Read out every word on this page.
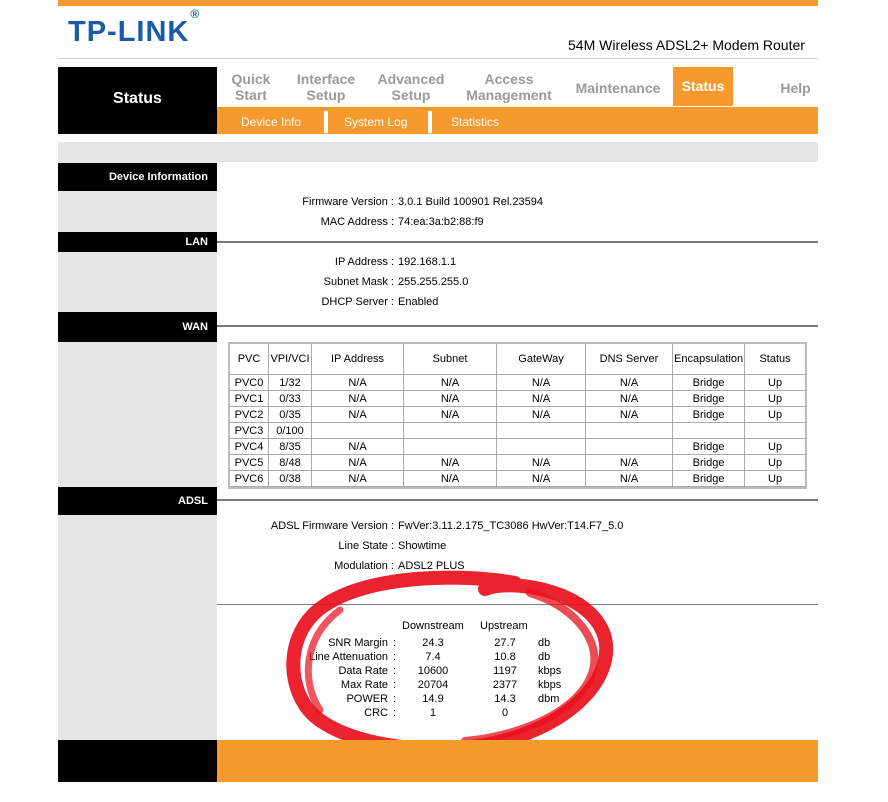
TP-LINK®
54M Wireless ADSL2+ Modem Router
Status
Quick
Start
Interface
Setup
Advanced
Setup
Access
Management	Maintenance	Status	Help
Device Info	System Log	Statistics
Device Information
Firmware Version : 3.0.1 Build 100901 Rel.23594
MAC Address : 74:ea:3a:b2:88:f9
LAN
IP Address : 192.168.1.1
Subnet Mask : 255.255.255.0
DHCP Server : Enabled
WAN
PVC	VPI/VCI	IP Address	Subnet	GateWay	DNS Server	Encapsulation	Status
PVC0	1/32	N/A	N/A	N/A	N/A	Bridge	Up
PVC1	0/33	N/A	N/A	N/A	N/A	Bridge	Up
PVC2	0/35	N/A	N/A	N/A	N/A	Bridge	Up
PVC3	0/100						
PVC4	8/35	N/A				Bridge	Up
PVC5	8/48	N/A	N/A	N/A	N/A	Bridge	Up
PVC6	0/38	N/A	N/A	N/A	N/A	Bridge	Up
ADSL
ADSL Firmware Version : FwVer:3.11.2.175_TC3086 HwVer:T14.F7_5.0
Line State : Showtime
Modulation : ADSL2 PLUS
Downstream Upstream
SNR Margin :	24.3	27.7	db
Line Attenuation :	7.4	10.8	db
Data Rate :	10600	1197	kbps
Max Rate :	20704	2377	kbps
POWER :	14.9	14.3	dbm
CRC :	1	0
